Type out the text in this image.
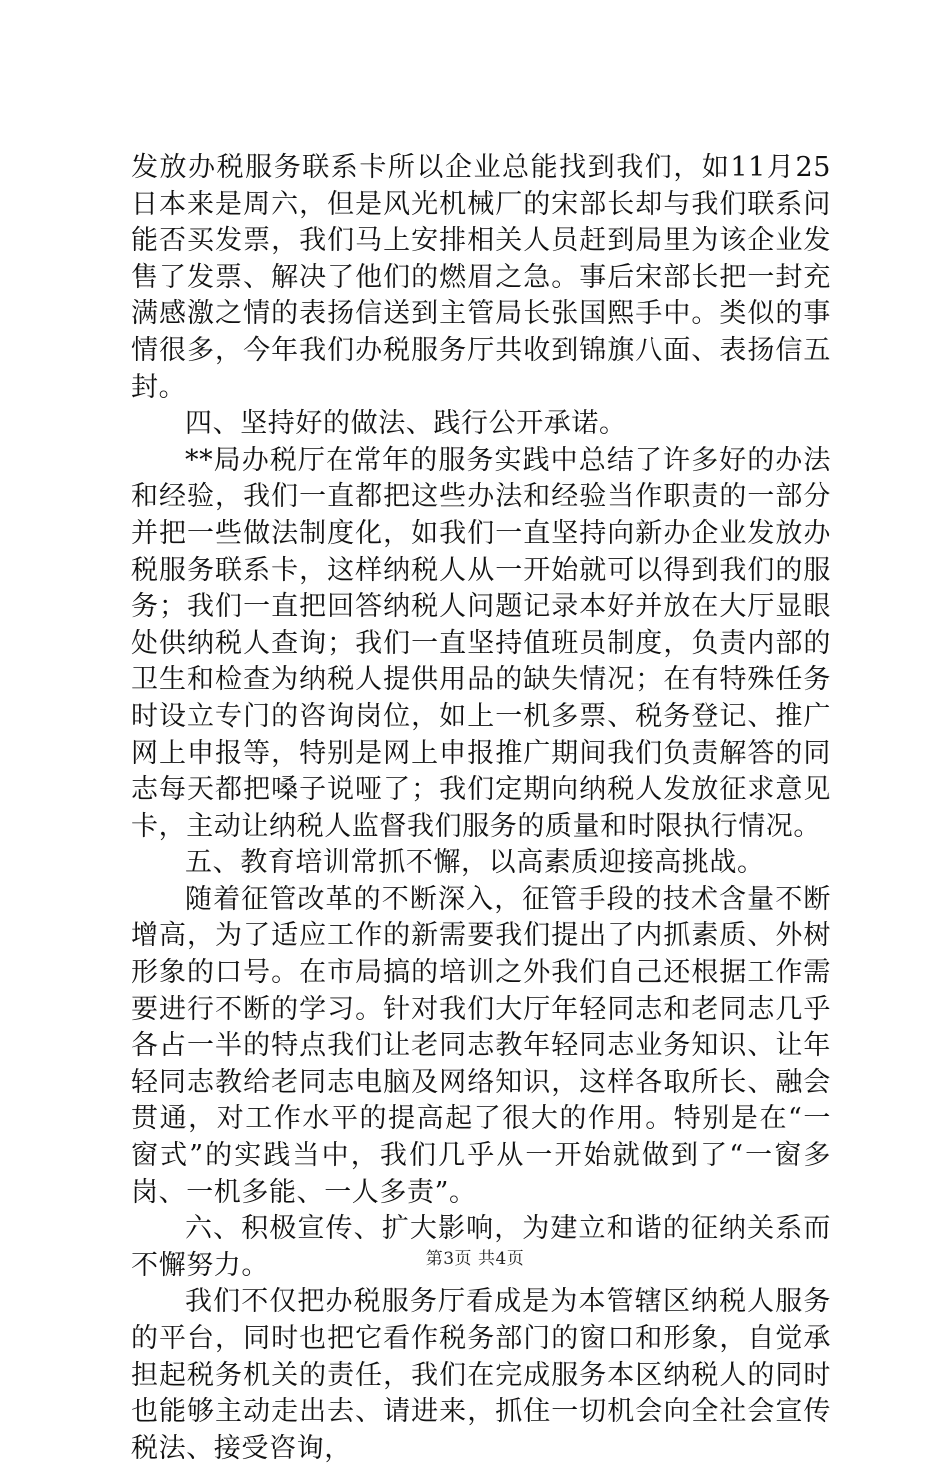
发放办税服务联系卡所以企业总能找到我们，如11月25日本来是周六，但是风光机械厂的宋部长却与我们联系问能否买发票，我们马上安排相关人员赶到局里为该企业发售了发票、解决了他们的燃眉之急。事后宋部长把一封充满感激之情的表扬信送到主管局长张国熙手中。类似的事情很多，今年我们办税服务厅共收到锦旗八面、表扬信五封。

四、坚持好的做法、践行公开承诺。

**局办税厅在常年的服务实践中总结了许多好的办法和经验，我们一直都把这些办法和经验当作职责的一部分并把一些做法制度化，如我们一直坚持向新办企业发放办税服务联系卡，这样纳税人从一开始就可以得到我们的服务；我们一直把回答纳税人问题记录本好并放在大厅显眼处供纳税人查询；我们一直坚持值班员制度，负责内部的卫生和检查为纳税人提供用品的缺失情况；在有特殊任务时设立专门的咨询岗位，如上一机多票、税务登记、推广网上申报等，特别是网上申报推广期间我们负责解答的同志每天都把嗓子说哑了；我们定期向纳税人发放征求意见卡，主动让纳税人监督我们服务的质量和时限执行情况。

五、教育培训常抓不懈，以高素质迎接高挑战。

随着征管改革的不断深入，征管手段的技术含量不断增高，为了适应工作的新需要我们提出了内抓素质、外树形象的口号。在市局搞的培训之外我们自己还根据工作需要进行不断的学习。针对我们大厅年轻同志和老同志几乎各占一半的特点我们让老同志教年轻同志业务知识、让年轻同志教给老同志电脑及网络知识，这样各取所长、融会贯通，对工作水平的提高起了很大的作用。特别是在“一窗式”的实践当中，我们几乎从一开始就做到了“一窗多岗、一机多能、一人多责”。

六、积极宣传、扩大影响，为建立和谐的征纳关系而不懈努力。

我们不仅把办税服务厅看成是为本管辖区纳税人服务的平台，同时也把它看作税务部门的窗口和形象，自觉承担起税务机关的责任，我们在完成服务本区纳税人的同时也能够主动走出去、请进来，抓住一切机会向全社会宣传税法、接受咨询，

第3页 共4页
